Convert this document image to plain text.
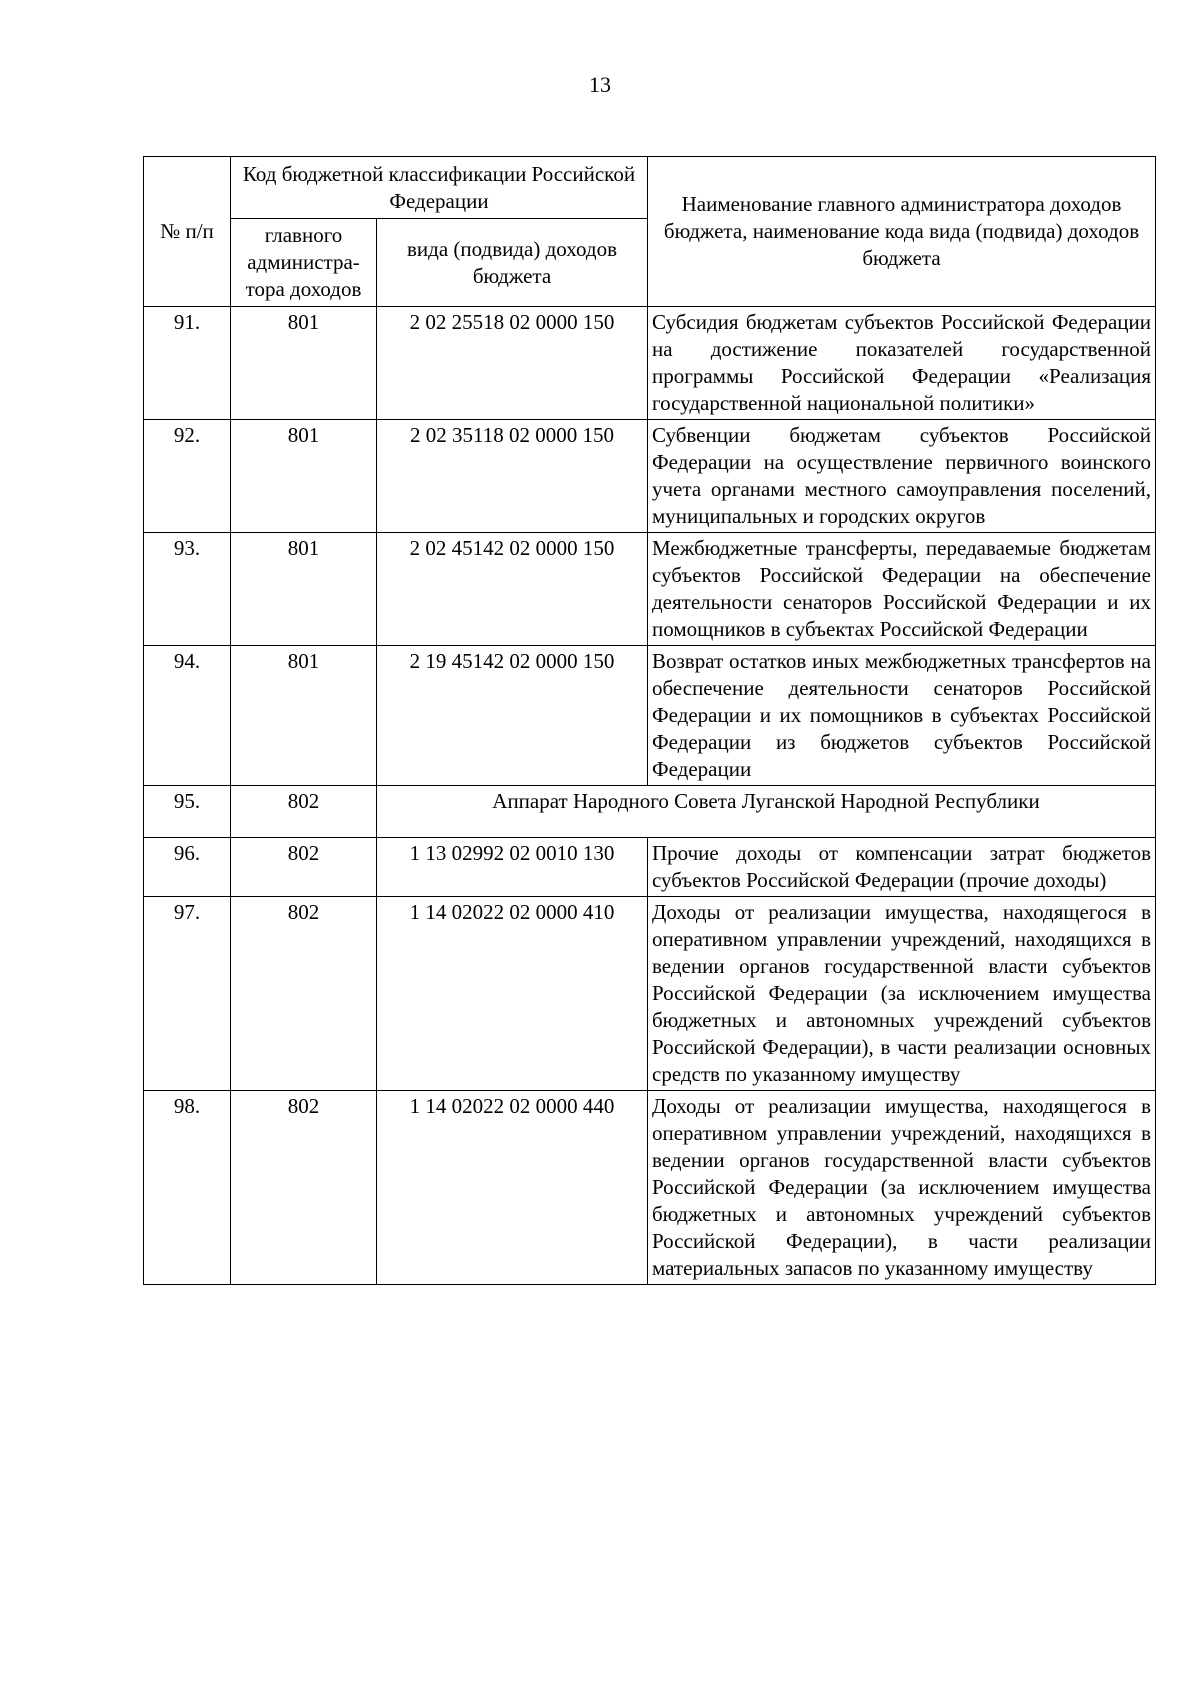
13
№ п/п	Код бюджетной классификации Российской Федерации		Наименование главного администратора доходов бюджета, наименование кода вида (подвида) доходов бюджета
	главного администра-тора доходов	вида (подвида) доходов бюджета	
91.	801	2 02 25518 02 0000 150	Субсидия бюджетам субъектов Российской Федерации на достижение показателей государственной программы Российской Федерации «Реализация государственной национальной политики»
92.	801	2 02 35118 02 0000 150	Субвенции бюджетам субъектов Российской Федерации на осуществление первичного воинского учета органами местного самоуправления поселений, муниципальных и городских округов
93.	801	2 02 45142 02 0000 150	Межбюджетные трансферты, передаваемые бюджетам субъектов Российской Федерации на обеспечение деятельности сенаторов Российской Федерации и их помощников в субъектах Российской Федерации
94.	801	2 19 45142 02 0000 150	Возврат остатков иных межбюджетных трансфертов на обеспечение деятельности сенаторов Российской Федерации и их помощников в субъектах Российской Федерации из бюджетов субъектов Российской Федерации
95.	802	Аппарат Народного Совета Луганской Народной Республики	
96.	802	1 13 02992 02 0010 130	Прочие доходы от компенсации затрат бюджетов субъектов Российской Федерации (прочие доходы)
97.	802	1 14 02022 02 0000 410	Доходы от реализации имущества, находящегося в оперативном управлении учреждений, находящихся в ведении органов государственной власти субъектов Российской Федерации (за исключением имущества бюджетных и автономных учреждений субъектов Российской Федерации), в части реализации основных средств по указанному имуществу
98.	802	1 14 02022 02 0000 440	Доходы от реализации имущества, находящегося в оперативном управлении учреждений, находящихся в ведении органов государственной власти субъектов Российской Федерации (за исключением имущества бюджетных и автономных учреждений субъектов Российской Федерации), в части реализации материальных запасов по указанному имуществу
